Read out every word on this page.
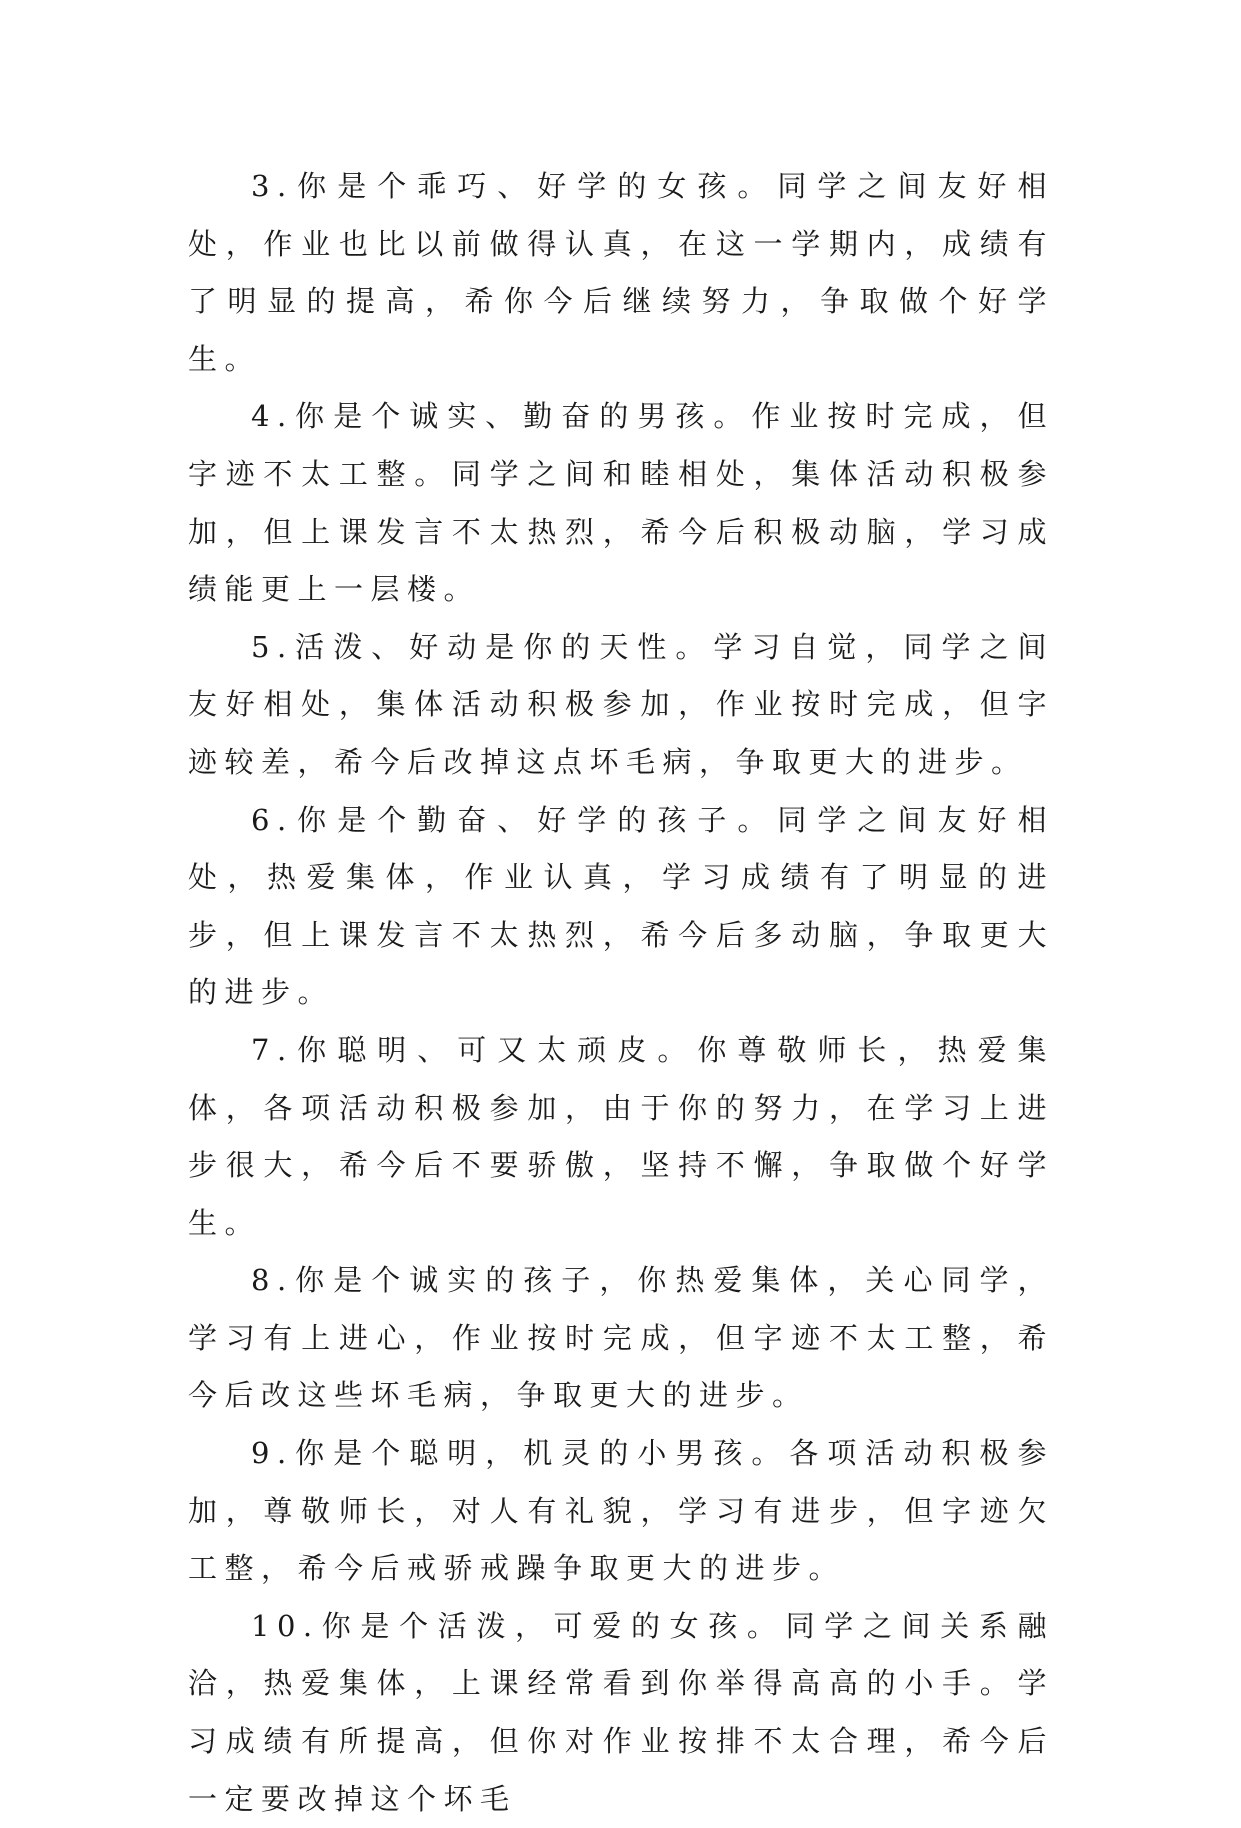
3.你是个乖巧、好学的女孩。同学之间友好相处，作业也比以前做得认真，在这一学期内，成绩有了明显的提高，希你今后继续努力，争取做个好学生。

4.你是个诚实、勤奋的男孩。作业按时完成，但字迹不太工整。同学之间和睦相处，集体活动积极参加，但上课发言不太热烈，希今后积极动脑，学习成绩能更上一层楼。

5.活泼、好动是你的天性。学习自觉，同学之间友好相处，集体活动积极参加，作业按时完成，但字迹较差，希今后改掉这点坏毛病，争取更大的进步。

6.你是个勤奋、好学的孩子。同学之间友好相处，热爱集体，作业认真，学习成绩有了明显的进步，但上课发言不太热烈，希今后多动脑，争取更大的进步。

7.你聪明、可又太顽皮。你尊敬师长，热爱集体，各项活动积极参加，由于你的努力，在学习上进步很大，希今后不要骄傲，坚持不懈，争取做个好学生。

8.你是个诚实的孩子，你热爱集体，关心同学，学习有上进心，作业按时完成，但字迹不太工整，希今后改这些坏毛病，争取更大的进步。

9.你是个聪明，机灵的小男孩。各项活动积极参加，尊敬师长，对人有礼貌，学习有进步，但字迹欠工整，希今后戒骄戒躁争取更大的进步。

10.你是个活泼，可爱的女孩。同学之间关系融洽，热爱集体，上课经常看到你举得高高的小手。学习成绩有所提高，但你对作业按排不太合理，希今后一定要改掉这个坏毛
